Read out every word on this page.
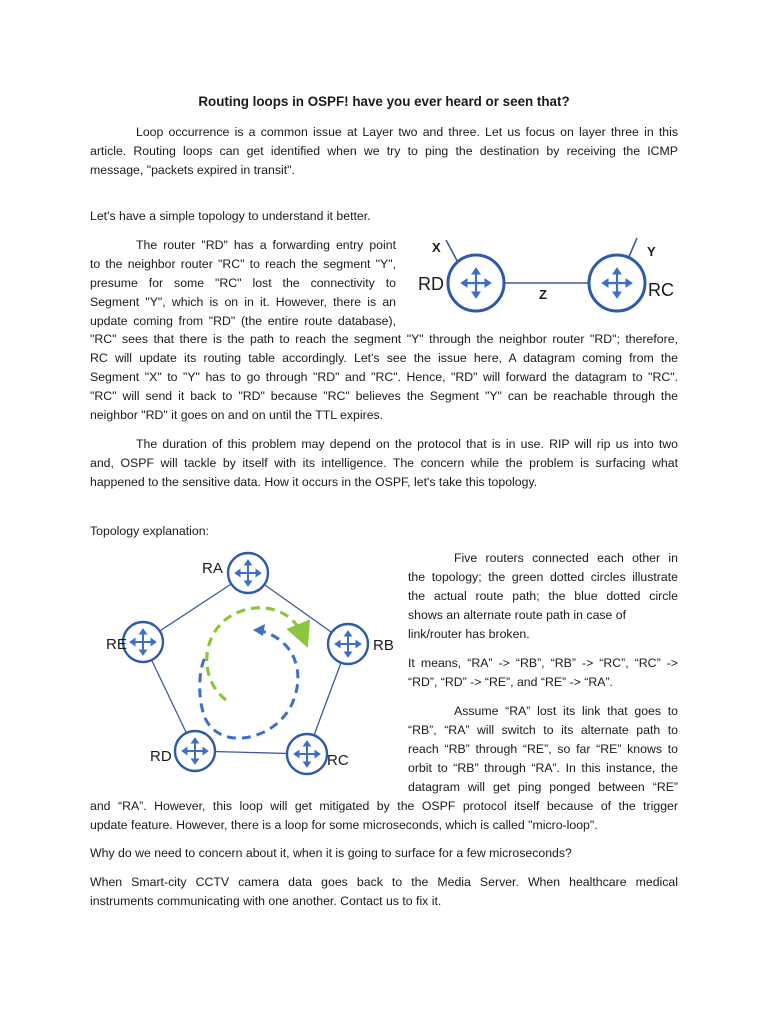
Routing loops in OSPF! have you ever heard or seen that?
Loop occurrence is a common issue at Layer two and three. Let us focus on layer three in this
article. Routing loops can get identified when we try to ping the destination by receiving the ICMP
message, "packets expired in transit".
Let's have a simple topology to understand it better.
The router "RD" has a forwarding entry point
to the neighbor router "RC" to reach the segment "Y",
presume for some "RC" lost the connectivity to
Segment "Y", which is on in it. However, there is an
update coming from "RD" (the entire route database),
X	Y
Z
RD	RC
"RC" sees that there is the path to reach the segment "Y" through the neighbor router "RD"; therefore,
RC will update its routing table accordingly. Let's see the issue here, A datagram coming from the
Segment "X" to "Y" has to go through "RD" and "RC". Hence, "RD" will forward the datagram to "RC".
"RC" will send it back to "RD" because "RC" believes the Segment "Y" can be reachable through the
neighbor "RD" it goes on and on until the TTL expires.
The duration of this problem may depend on the protocol that is in use. RIP will rip us into two
and, OSPF will tackle by itself with its intelligence. The concern while the problem is surfacing what
happened to the sensitive data. How it occurs in the OSPF, let's take this topology.
Topology explanation:
RA
RB
RC
RD
RE
Five routers connected each other in
the topology; the green dotted circles illustrate
the actual route path; the blue dotted circle
shows an alternate route path in case of
link/router has broken.
It means, “RA” -> “RB”, “RB” -> “RC”, “RC” ->
“RD”, “RD” -> “RE”, and “RE” -> “RA”.
Assume “RA” lost its link that goes to
“RB”, “RA” will switch to its alternate path to
reach “RB” through “RE”, so far “RE” knows to
orbit to “RB” through “RA”. In this instance, the
datagram will get ping ponged between “RE”
and “RA”. However, this loop will get mitigated by the OSPF protocol itself because of the trigger
update feature. However, there is a loop for some microseconds, which is called "micro-loop".
Why do we need to concern about it, when it is going to surface for a few microseconds?
When Smart-city CCTV camera data goes back to the Media Server. When healthcare medical
instruments communicating with one another. Contact us to fix it.
